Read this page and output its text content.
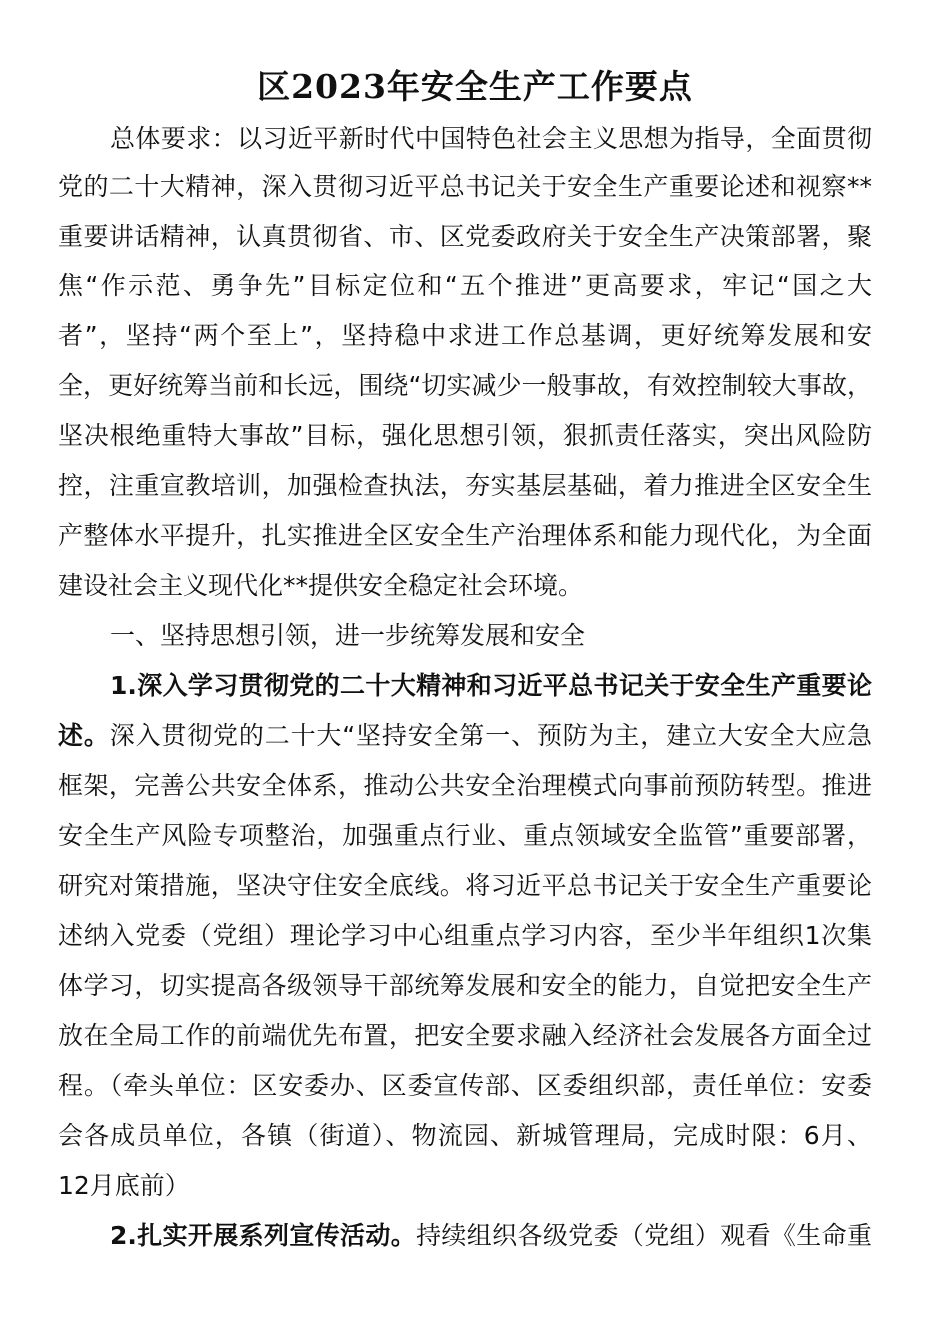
区2023年安全生产工作要点

总体要求：以习近平新时代中国特色社会主义思想为指导，全面贯彻

党的二十大精神，深入贯彻习近平总书记关于安全生产重要论述和视察**

重要讲话精神，认真贯彻省、市、区党委政府关于安全生产决策部署，聚

焦“作示范、勇争先”目标定位和“五个推进”更高要求，牢记“国之大

者”，坚持“两个至上”，坚持稳中求进工作总基调，更好统筹发展和安

全，更好统筹当前和长远，围绕“切实减少一般事故，有效控制较大事故，

坚决根绝重特大事故”目标，强化思想引领，狠抓责任落实，突出风险防

控，注重宣教培训，加强检查执法，夯实基层基础，着力推进全区安全生

产整体水平提升，扎实推进全区安全生产治理体系和能力现代化，为全面

建设社会主义现代化**提供安全稳定社会环境。

一、坚持思想引领，进一步统筹发展和安全

1.深入学习贯彻党的二十大精神和习近平总书记关于安全生产重要论

述。深入贯彻党的二十大“坚持安全第一、预防为主，建立大安全大应急

框架，完善公共安全体系，推动公共安全治理模式向事前预防转型。推进

安全生产风险专项整治，加强重点行业、重点领域安全监管”重要部署，

研究对策措施，坚决守住安全底线。将习近平总书记关于安全生产重要论

述纳入党委（党组）理论学习中心组重点学习内容，至少半年组织1次集

体学习，切实提高各级领导干部统筹发展和安全的能力，自觉把安全生产

放在全局工作的前端优先布置，把安全要求融入经济社会发展各方面全过

程。（牵头单位：区安委办、区委宣传部、区委组织部，责任单位：安委

会各成员单位，各镇（街道）、物流园、新城管理局，完成时限：6月、

12月底前）

2.扎实开展系列宣传活动。持续组织各级党委（党组）观看《生命重
